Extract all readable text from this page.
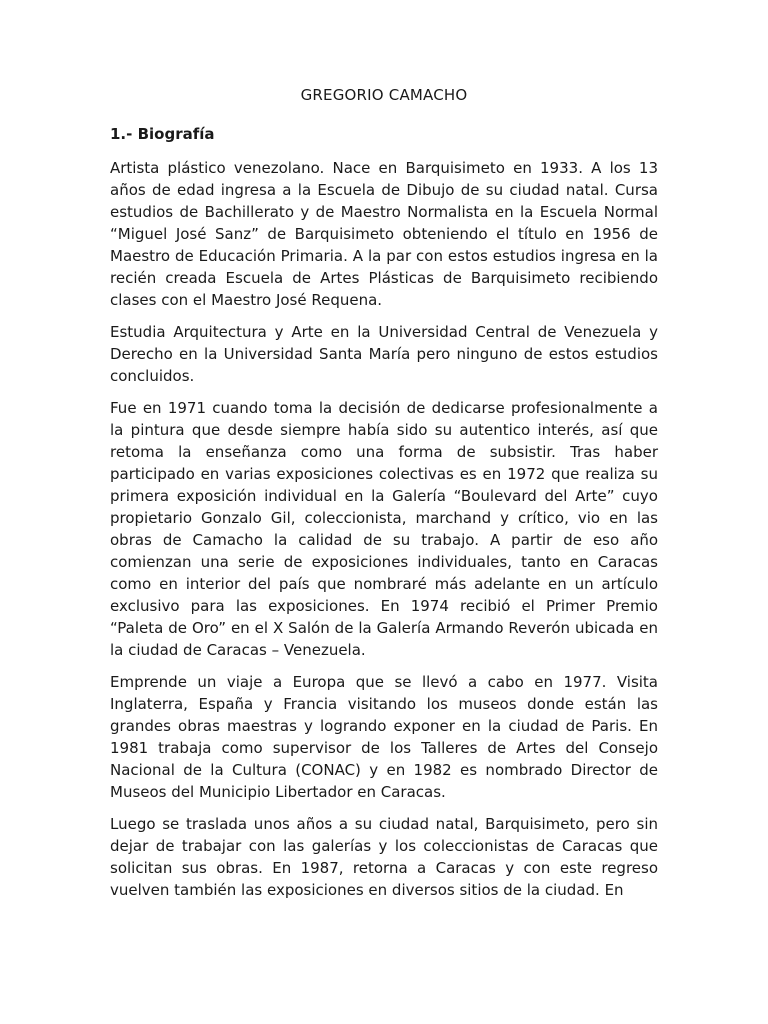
GREGORIO CAMACHO
1.- Biografía

Artista plástico venezolano. Nace en Barquisimeto en 1933. A los 13 años de edad ingresa a la Escuela de Dibujo de su ciudad natal. Cursa estudios de Bachillerato y de Maestro Normalista en la Escuela Normal “Miguel José Sanz” de Barquisimeto obteniendo el título en 1956 de Maestro de Educación Primaria. A la par con estos estudios ingresa en la recién creada Escuela de Artes Plásticas de Barquisimeto recibiendo clases con el Maestro José Requena.

Estudia Arquitectura y Arte en la Universidad Central de Venezuela y Derecho en la Universidad Santa María pero ninguno de estos estudios concluidos.

Fue en 1971 cuando toma la decisión de dedicarse profesionalmente a la pintura que desde siempre había sido su autentico interés, así que retoma la enseñanza como una forma de subsistir. Tras haber participado en varias exposiciones colectivas es en 1972 que realiza su primera exposición individual en la Galería “Boulevard del Arte” cuyo propietario Gonzalo Gil, coleccionista, marchand y crítico, vio en las obras de Camacho la calidad de su trabajo. A partir de eso año comienzan una serie de exposiciones individuales, tanto en Caracas como en interior del país que nombraré más adelante en un artículo exclusivo para las exposiciones. En 1974 recibió el Primer Premio “Paleta de Oro” en el X Salón de la Galería Armando Reverón ubicada en la ciudad de Caracas – Venezuela.

Emprende un viaje a Europa que se llevó a cabo en 1977. Visita Inglaterra, España y Francia visitando los museos donde están las grandes obras maestras y logrando exponer en la ciudad de Paris. En 1981 trabaja como supervisor de los Talleres de Artes del Consejo Nacional de la Cultura (CONAC) y en 1982 es nombrado Director de Museos del Municipio Libertador en Caracas.

Luego se traslada unos años a su ciudad natal, Barquisimeto, pero sin dejar de trabajar con las galerías y los coleccionistas de Caracas que solicitan sus obras. En 1987, retorna a Caracas y con este regreso vuelven también las exposiciones en diversos sitios de la ciudad. En
